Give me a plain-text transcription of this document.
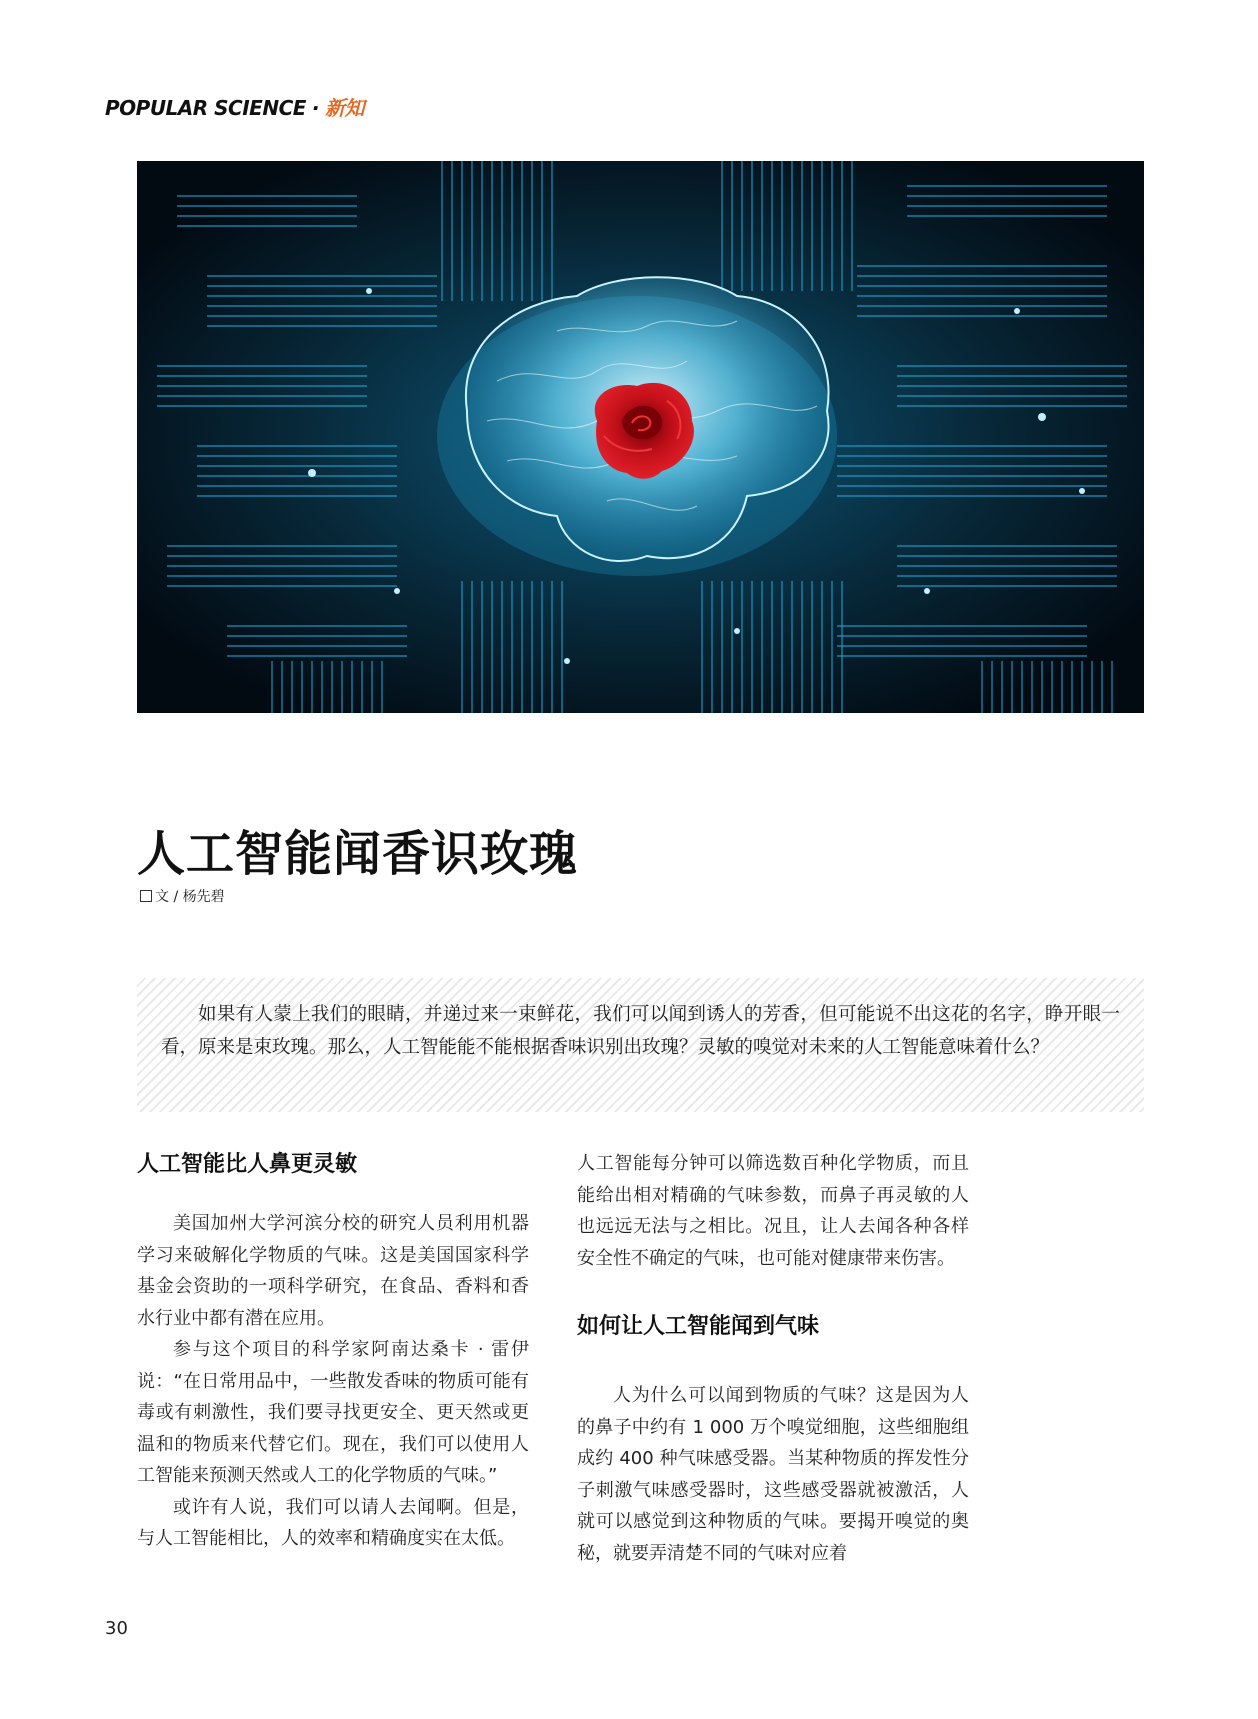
POPULAR SCIENCE · 新知
人工智能闻香识玫瑰
文 / 杨先碧

如果有人蒙上我们的眼睛，并递过来一束鲜花，我们可以闻到诱人的芳香，但可能说不出这花的名字，睁开眼一看，原来是束玫瑰。那么，人工智能能不能根据香味识别出玫瑰？灵敏的嗅觉对未来的人工智能意味着什么？

人工智能比人鼻更灵敏

美国加州大学河滨分校的研究人员利用机器学习来破解化学物质的气味。这是美国国家科学基金会资助的一项科学研究，在食品、香料和香水行业中都有潜在应用。

参与这个项目的科学家阿南达桑卡 · 雷伊说：“在日常用品中，一些散发香味的物质可能有毒或有刺激性，我们要寻找更安全、更天然或更温和的物质来代替它们。现在，我们可以使用人工智能来预测天然或人工的化学物质的气味。”

或许有人说，我们可以请人去闻啊。但是，与人工智能相比，人的效率和精确度实在太低。

人工智能每分钟可以筛选数百种化学物质，而且能给出相对精确的气味参数，而鼻子再灵敏的人也远远无法与之相比。况且，让人去闻各种各样安全性不确定的气味，也可能对健康带来伤害。

如何让人工智能闻到气味

人为什么可以闻到物质的气味？这是因为人的鼻子中约有 1 000 万个嗅觉细胞，这些细胞组成约 400 种气味感受器。当某种物质的挥发性分子刺激气味感受器时，这些感受器就被激活，人就可以感觉到这种物质的气味。要揭开嗅觉的奥秘，就要弄清楚不同的气味对应着

30
